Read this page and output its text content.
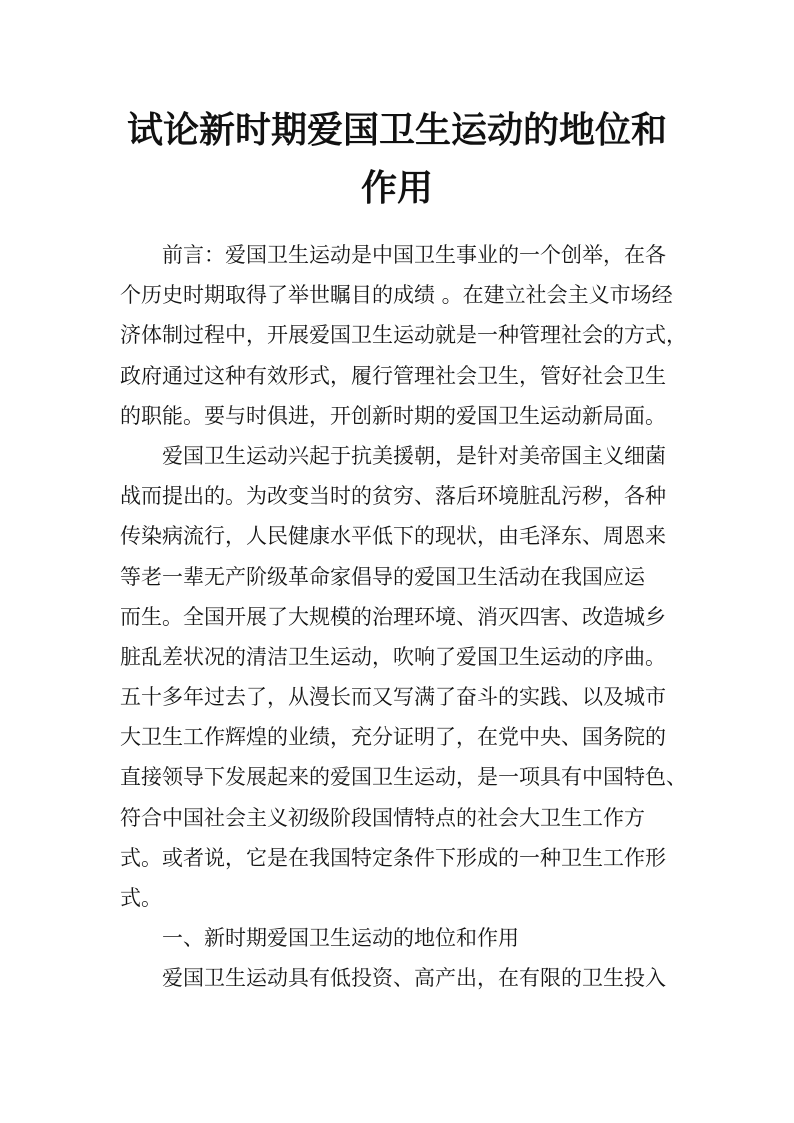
试论新时期爱国卫生运动的地位和
作用
前言：爱国卫生运动是中国卫生事业的一个创举，在各
个历史时期取得了举世瞩目的成绩 。在建立社会主义市场经
济体制过程中，开展爱国卫生运动就是一种管理社会的方式，
政府通过这种有效形式，履行管理社会卫生，管好社会卫生
的职能。要与时俱进，开创新时期的爱国卫生运动新局面。
爱国卫生运动兴起于抗美援朝，是针对美帝国主义细菌
战而提出的。为改变当时的贫穷、落后环境脏乱污秽，各种
传染病流行，人民健康水平低下的现状，由毛泽东、周恩来
等老一辈无产阶级革命家倡导的爱国卫生活动在我国应运
而生。全国开展了大规模的治理环境、消灭四害、改造城乡
脏乱差状况的清洁卫生运动，吹响了爱国卫生运动的序曲。
五十多年过去了，从漫长而又写满了奋斗的实践、以及城市
大卫生工作辉煌的业绩，充分证明了，在党中央、国务院的
直接领导下发展起来的爱国卫生运动，是一项具有中国特色、
符合中国社会主义初级阶段国情特点的社会大卫生工作方
式。或者说，它是在我国特定条件下形成的一种卫生工作形
式。
一、新时期爱国卫生运动的地位和作用
爱国卫生运动具有低投资、高产出，在有限的卫生投入
